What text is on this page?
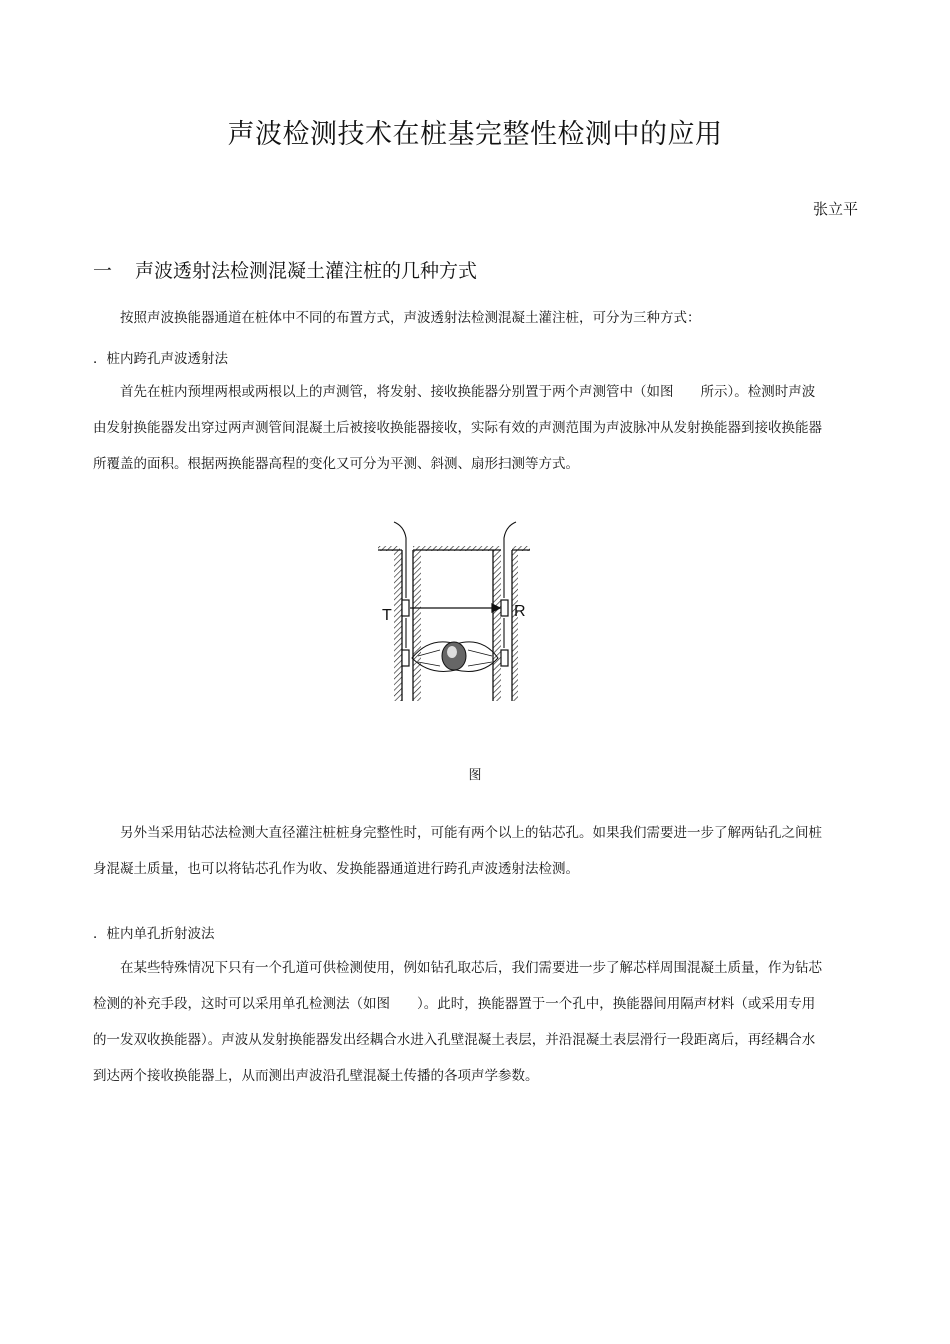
声波检测技术在桩基完整性检测中的应用
张立平
一 声波透射法检测混凝土灌注桩的几种方式
按照声波换能器通道在桩体中不同的布置方式，声波透射法检测混凝土灌注桩，可分为三种方式：
．桩内跨孔声波透射法
首先在桩内预埋两根或两根以上的声测管，将发射、接收换能器分别置于两个声测管中（如图　　所示）。检测时声波
由发射换能器发出穿过两声测管间混凝土后被接收换能器接收，实际有效的声测范围为声波脉冲从发射换能器到接收换能器
所覆盖的面积。根据两换能器高程的变化又可分为平测、斜测、扇形扫测等方式。
T	R
图
另外当采用钻芯法检测大直径灌注桩桩身完整性时，可能有两个以上的钻芯孔。如果我们需要进一步了解两钻孔之间桩
身混凝土质量，也可以将钻芯孔作为收、发换能器通道进行跨孔声波透射法检测。
．桩内单孔折射波法
在某些特殊情况下只有一个孔道可供检测使用，例如钻孔取芯后，我们需要进一步了解芯样周围混凝土质量，作为钻芯
检测的补充手段，这时可以采用单孔检测法（如图　　）。此时，换能器置于一个孔中，换能器间用隔声材料（或采用专用
的一发双收换能器）。声波从发射换能器发出经耦合水进入孔壁混凝土表层，并沿混凝土表层滑行一段距离后，再经耦合水
到达两个接收换能器上，从而测出声波沿孔壁混凝土传播的各项声学参数。
